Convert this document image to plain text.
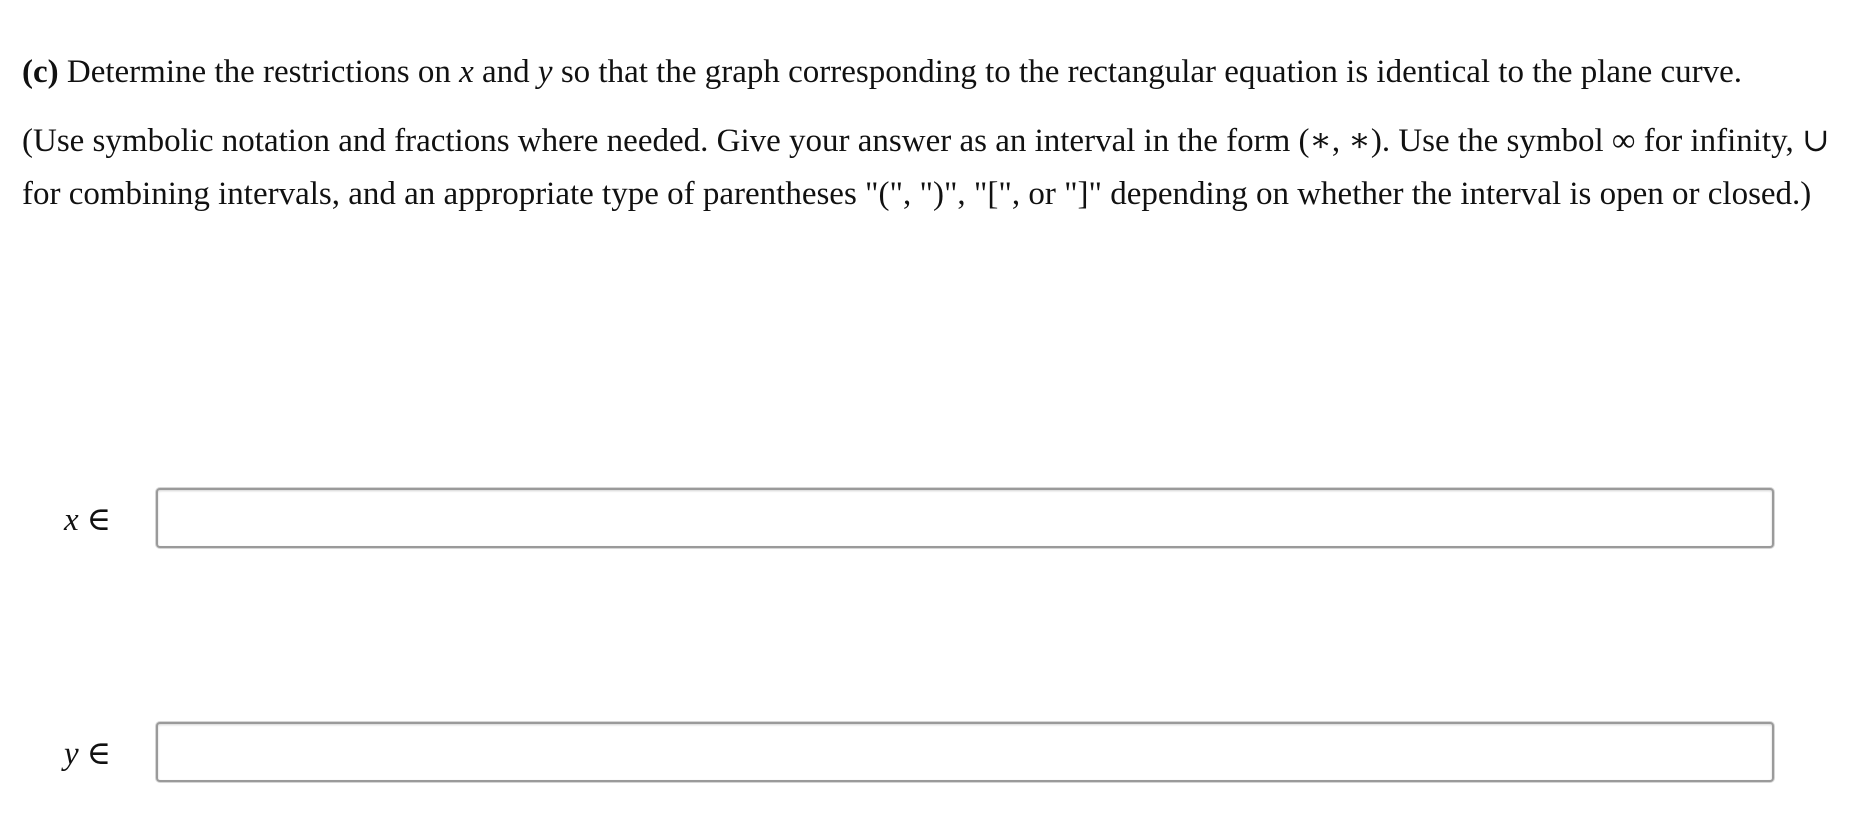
(c) Determine the restrictions on x and y so that the graph corresponding to the rectangular equation is identical to the plane curve.

(Use symbolic notation and fractions where needed. Give your answer as an interval in the form (∗, ∗). Use the symbol ∞ for infinity, ∪ for combining intervals, and an appropriate type of parentheses "(", ")", "[", or "]" depending on whether the interval is open or closed.)

x ∈
y ∈
